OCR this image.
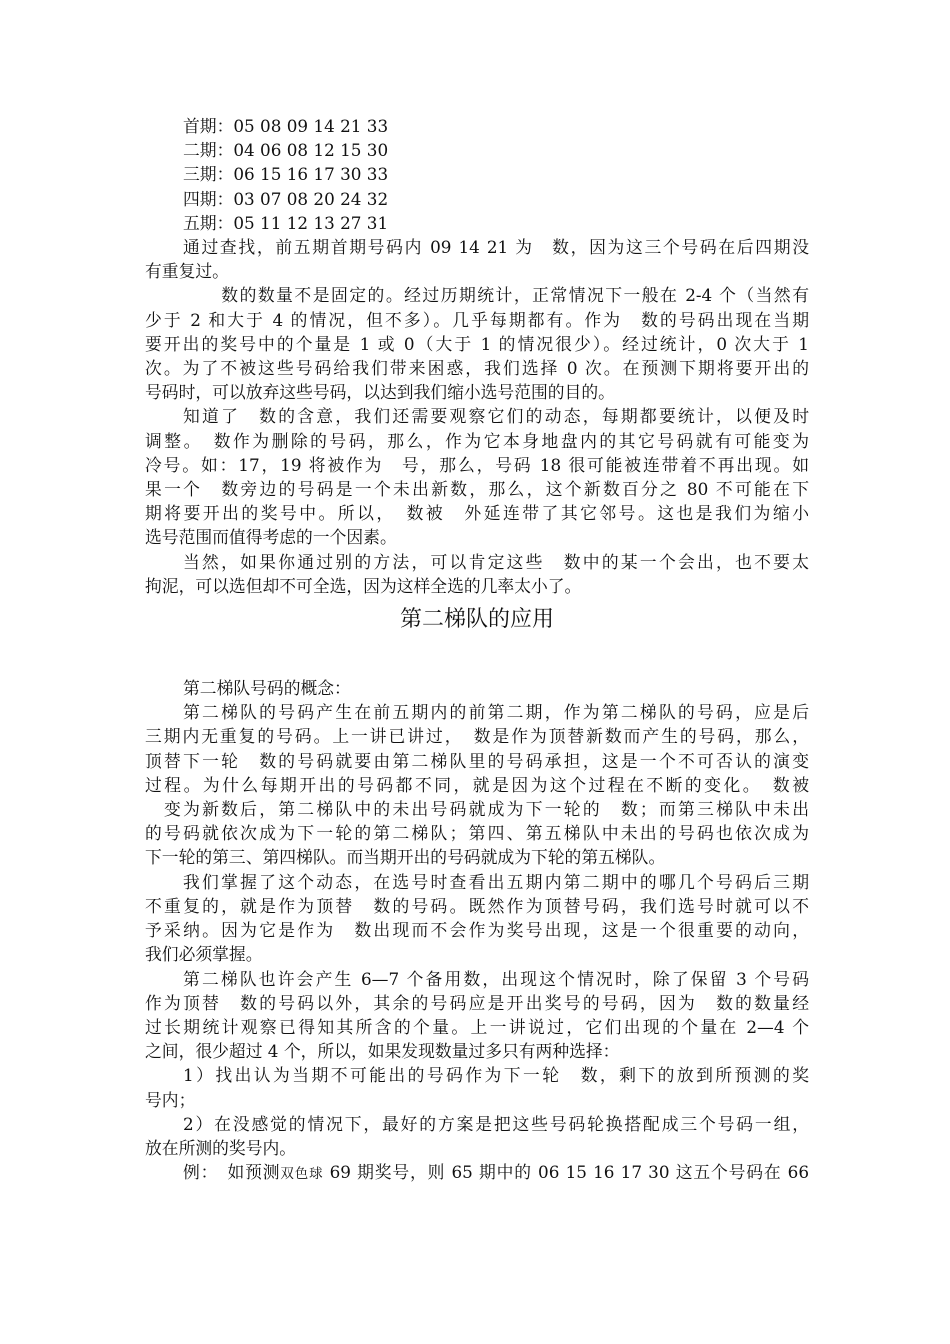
首期：05 08 09 14 21 33
二期：04 06 08 12 15 30
三期：06 15 16 17 30 33
四期：03 07 08 20 24 32
五期：05 11 12 13 27 31
通过查找，前五期首期号码内 09 14 21 为　数，因为这三个号码在后四期没
有重复过。
　数的数量不是固定的。经过历期统计，正常情况下一般在 2-4 个（当然有
少于 2 和大于 4 的情况，但不多）。几乎每期都有。作为　数的号码出现在当期
要开出的奖号中的个量是 1 或 0（大于 1 的情况很少）。经过统计，0 次大于 1
次。为了不被这些号码给我们带来困惑，我们选择 0 次。在预测下期将要开出的
号码时，可以放弃这些号码，以达到我们缩小选号范围的目的。
知道了　数的含意，我们还需要观察它们的动态，每期都要统计，以便及时
调整。　数作为删除的号码，那么，作为它本身地盘内的其它号码就有可能变为
冷号。如：17，19 将被作为　号，那么，号码 18 很可能被连带着不再出现。如
果一个　数旁边的号码是一个未出新数，那么，这个新数百分之 80 不可能在下
期将要开出的奖号中。所以，　数被　外延连带了其它邻号。这也是我们为缩小
选号范围而值得考虑的一个因素。
当然，如果你通过别的方法，可以肯定这些　数中的某一个会出，也不要太
拘泥，可以选但却不可全选，因为这样全选的几率太小了。
第二梯队的应用
第二梯队号码的概念：
第二梯队的号码产生在前五期内的前第二期，作为第二梯队的号码，应是后
三期内无重复的号码。上一讲已讲过，　数是作为顶替新数而产生的号码，那么，
顶替下一轮　数的号码就要由第二梯队里的号码承担，这是一个不可否认的演变
过程。为什么每期开出的号码都不同，就是因为这个过程在不断的变化。　数被
　变为新数后，第二梯队中的未出号码就成为下一轮的　数；而第三梯队中未出
的号码就依次成为下一轮的第二梯队；第四、第五梯队中未出的号码也依次成为
下一轮的第三、第四梯队。而当期开出的号码就成为下轮的第五梯队。
我们掌握了这个动态，在选号时查看出五期内第二期中的哪几个号码后三期
不重复的，就是作为顶替　数的号码。既然作为顶替号码，我们选号时就可以不
予采纳。因为它是作为　数出现而不会作为奖号出现，这是一个很重要的动向，
我们必须掌握。
第二梯队也许会产生 6—7 个备用数，出现这个情况时，除了保留 3 个号码
作为顶替　数的号码以外，其余的号码应是开出奖号的号码，因为　数的数量经
过长期统计观察已得知其所含的个量。上一讲说过，它们出现的个量在 2—4 个
之间，很少超过 4 个，所以，如果发现数量过多只有两种选择：
1）找出认为当期不可能出的号码作为下一轮　数，剩下的放到所预测的奖
号内；
2）在没感觉的情况下，最好的方案是把这些号码轮换搭配成三个号码一组，
放在所测的奖号内。
例：　如预测双色球 69 期奖号，则 65 期中的 06 15 16 17 30 这五个号码在 66
